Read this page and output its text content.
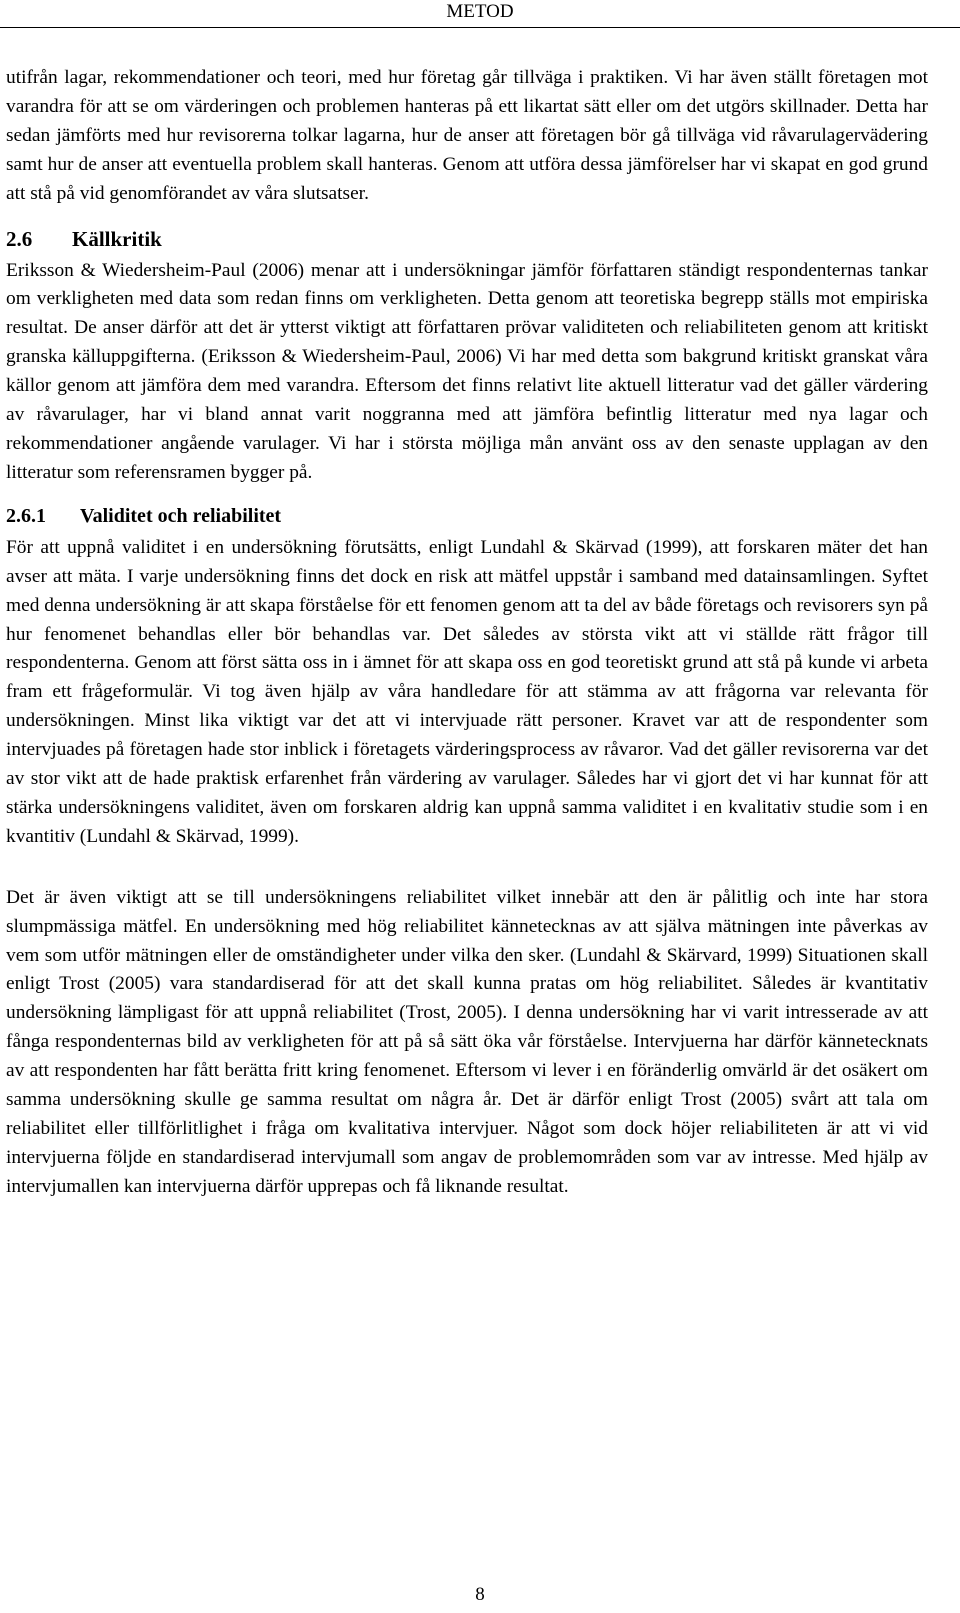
METOD

utifrån lagar, rekommendationer och teori, med hur företag går tillväga i praktiken. Vi har även ställt företagen mot varandra för att se om värderingen och problemen hanteras på ett likartat sätt eller om det utgörs skillnader. Detta har sedan jämförts med hur revisorerna tolkar lagarna, hur de anser att företagen bör gå tillväga vid råvarulagervädering samt hur de anser att eventuella problem skall hanteras. Genom att utföra dessa jämförelser har vi skapat en god grund att stå på vid genomförandet av våra slutsatser.

2.6 Källkritik

Eriksson & Wiedersheim-Paul (2006) menar att i undersökningar jämför författaren ständigt respondenternas tankar om verkligheten med data som redan finns om verkligheten. Detta genom att teoretiska begrepp ställs mot empiriska resultat. De anser därför att det är ytterst viktigt att författaren prövar validiteten och reliabiliteten genom att kritiskt granska källuppgifterna. (Eriksson & Wiedersheim-Paul, 2006) Vi har med detta som bakgrund kritiskt granskat våra källor genom att jämföra dem med varandra. Eftersom det finns relativt lite aktuell litteratur vad det gäller värdering av råvarulager, har vi bland annat varit noggranna med att jämföra befintlig litteratur med nya lagar och rekommendationer angående varulager. Vi har i största möjliga mån använt oss av den senaste upplagan av den litteratur som referensramen bygger på.

2.6.1 Validitet och reliabilitet

För att uppnå validitet i en undersökning förutsätts, enligt Lundahl & Skärvad (1999), att forskaren mäter det han avser att mäta. I varje undersökning finns det dock en risk att mätfel uppstår i samband med datainsamlingen. Syftet med denna undersökning är att skapa förståelse för ett fenomen genom att ta del av både företags och revisorers syn på hur fenomenet behandlas eller bör behandlas var. Det således av största vikt att vi ställde rätt frågor till respondenterna. Genom att först sätta oss in i ämnet för att skapa oss en god teoretiskt grund att stå på kunde vi arbeta fram ett frågeformulär. Vi tog även hjälp av våra handledare för att stämma av att frågorna var relevanta för undersökningen. Minst lika viktigt var det att vi intervjuade rätt personer. Kravet var att de respondenter som intervjuades på företagen hade stor inblick i företagets värderingsprocess av råvaror. Vad det gäller revisorerna var det av stor vikt att de hade praktisk erfarenhet från värdering av varulager. Således har vi gjort det vi har kunnat för att stärka undersökningens validitet, även om forskaren aldrig kan uppnå samma validitet i en kvalitativ studie som i en kvantitiv (Lundahl & Skärvad, 1999).

Det är även viktigt att se till undersökningens reliabilitet vilket innebär att den är pålitlig och inte har stora slumpmässiga mätfel. En undersökning med hög reliabilitet kännetecknas av att själva mätningen inte påverkas av vem som utför mätningen eller de omständigheter under vilka den sker. (Lundahl & Skärvard, 1999) Situationen skall enligt Trost (2005) vara standardiserad för att det skall kunna pratas om hög reliabilitet. Således är kvantitativ undersökning lämpligast för att uppnå reliabilitet (Trost, 2005). I denna undersökning har vi varit intresserade av att fånga respondenternas bild av verkligheten för att på så sätt öka vår förståelse. Intervjuerna har därför kännetecknats av att respondenten har fått berätta fritt kring fenomenet. Eftersom vi lever i en föränderlig omvärld är det osäkert om samma undersökning skulle ge samma resultat om några år. Det är därför enligt Trost (2005) svårt att tala om reliabilitet eller tillförlitlighet i fråga om kvalitativa intervjuer. Något som dock höjer reliabiliteten är att vi vid intervjuerna följde en standardiserad intervjumall som angav de problemområden som var av intresse. Med hjälp av intervjumallen kan intervjuerna därför upprepas och få liknande resultat.

8
